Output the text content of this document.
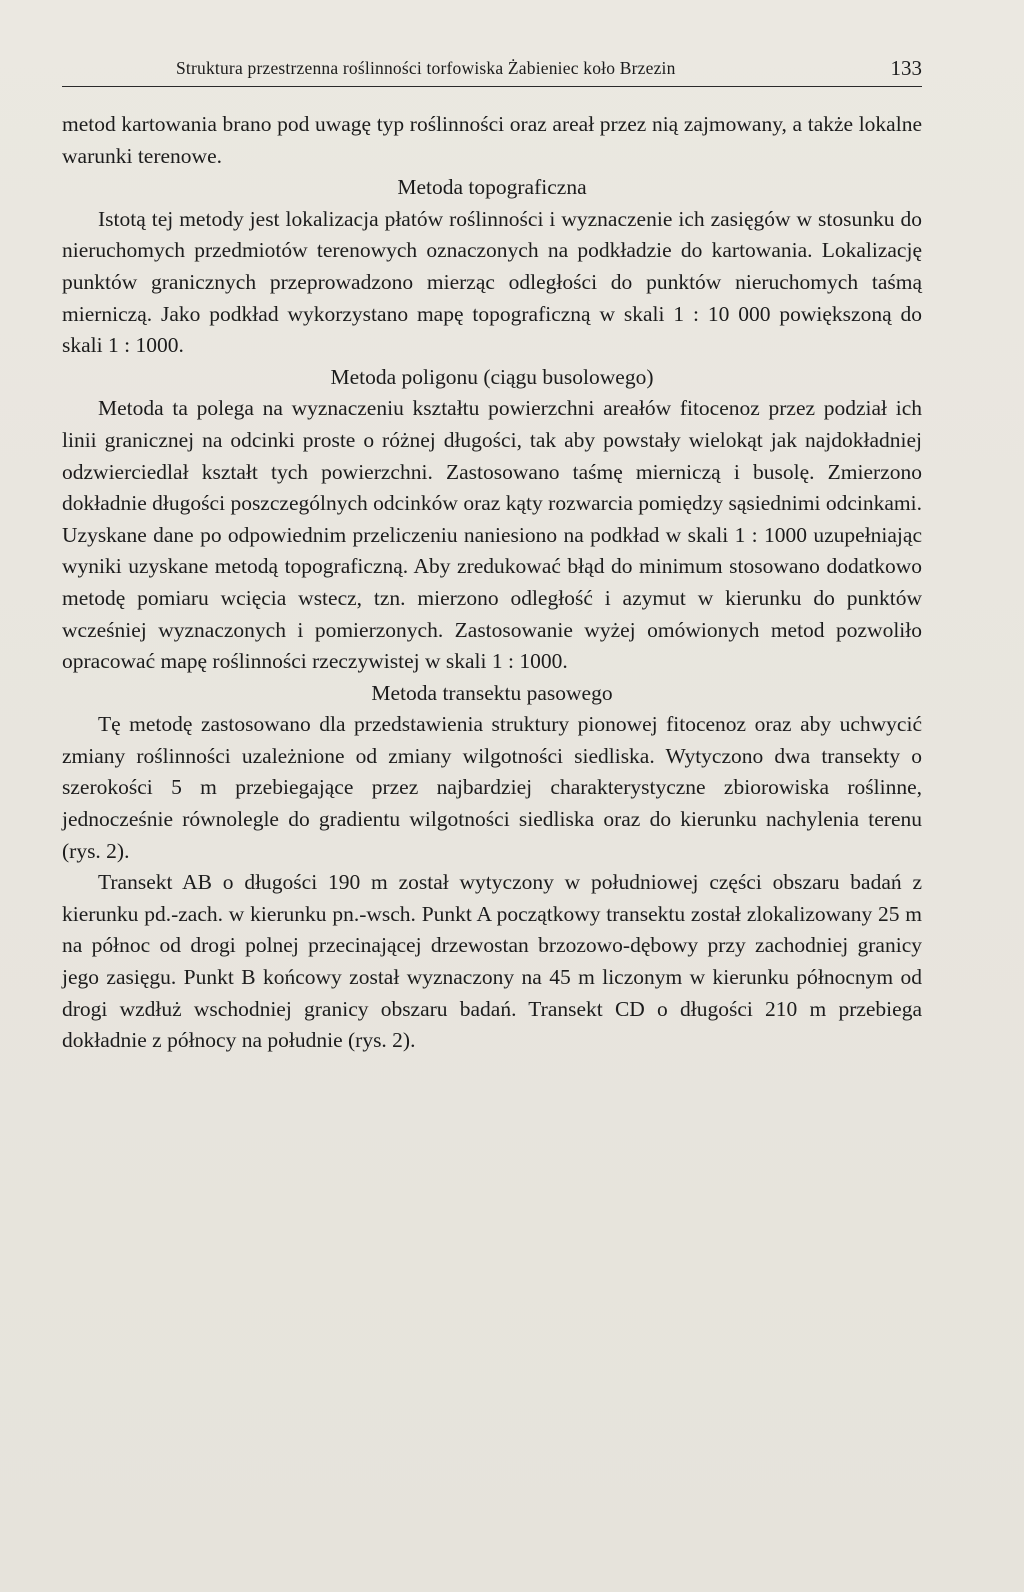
Struktura przestrzenna roślinności torfowiska Żabieniec koło Brzezin	133

metod kartowania brano pod uwagę typ roślinności oraz areał przez nią zajmowany, a także lokalne warunki terenowe.

Metoda topograficzna

Istotą tej metody jest lokalizacja płatów roślinności i wyznaczenie ich zasięgów w stosunku do nieruchomych przedmiotów terenowych oznaczonych na podkładzie do kartowania. Lokalizację punktów granicznych przeprowadzono mierząc odległości do punktów nieruchomych taśmą mierniczą. Jako podkład wykorzystano mapę topograficzną w skali 1 : 10 000 powiększoną do skali 1 : 1000.

Metoda poligonu (ciągu busolowego)

Metoda ta polega na wyznaczeniu kształtu powierzchni areałów fitocenoz przez podział ich linii granicznej na odcinki proste o różnej długości, tak aby powstały wielokąt jak najdokładniej odzwierciedlał kształt tych powierzchni. Zastosowano taśmę mierniczą i busolę. Zmierzono dokładnie długości poszczególnych odcinków oraz kąty rozwarcia pomiędzy sąsiednimi odcinkami. Uzyskane dane po odpowiednim przeliczeniu naniesiono na podkład w skali 1 : 1000 uzupełniając wyniki uzyskane metodą topograficzną. Aby zredukować błąd do minimum stosowano dodatkowo metodę pomiaru wcięcia wstecz, tzn. mierzono odległość i azymut w kierunku do punktów wcześniej wyznaczonych i pomierzonych. Zastosowanie wyżej omówionych metod pozwoliło opracować mapę roślinności rzeczywistej w skali 1 : 1000.

Metoda transektu pasowego

Tę metodę zastosowano dla przedstawienia struktury pionowej fitocenoz oraz aby uchwycić zmiany roślinności uzależnione od zmiany wilgotności siedliska. Wytyczono dwa transekty o szerokości 5 m przebiegające przez najbardziej charakterystyczne zbiorowiska roślinne, jednocześnie równolegle do gradientu wilgotności siedliska oraz do kierunku nachylenia terenu (rys. 2).

Transekt AB o długości 190 m został wytyczony w południowej części obszaru badań z kierunku pd.-zach. w kierunku pn.-wsch. Punkt A początkowy transektu został zlokalizowany 25 m na północ od drogi polnej przecinającej drzewostan brzozowo-dębowy przy zachodniej granicy jego zasięgu. Punkt B końcowy został wyznaczony na 45 m liczonym w kierunku północnym od drogi wzdłuż wschodniej granicy obszaru badań. Transekt CD o długości 210 m przebiega dokładnie z północy na południe (rys. 2).
